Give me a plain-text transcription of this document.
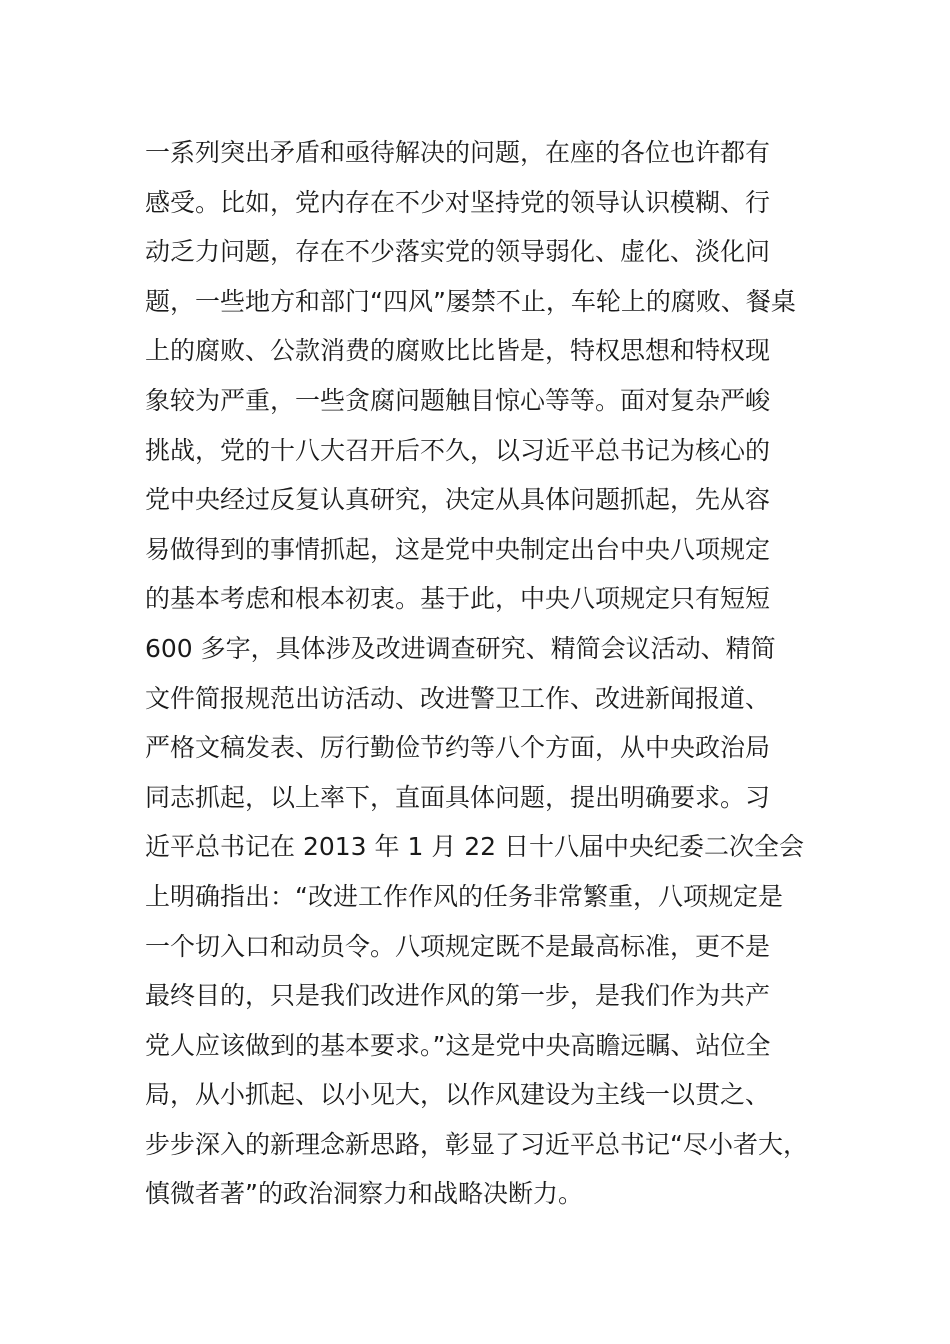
一系列突出矛盾和亟待解决的问题，在座的各位也许都有
感受。比如，党内存在不少对坚持党的领导认识模糊、行
动乏力问题，存在不少落实党的领导弱化、虚化、淡化问
题，一些地方和部门“四风”屡禁不止，车轮上的腐败、餐桌
上的腐败、公款消费的腐败比比皆是，特权思想和特权现
象较为严重，一些贪腐问题触目惊心等等。面对复杂严峻
挑战，党的十八大召开后不久，以习近平总书记为核心的
党中央经过反复认真研究，决定从具体问题抓起，先从容
易做得到的事情抓起，这是党中央制定出台中央八项规定
的基本考虑和根本初衷。基于此，中央八项规定只有短短
600 多字，具体涉及改进调查研究、精简会议活动、精简
文件简报规范出访活动、改进警卫工作、改进新闻报道、
严格文稿发表、厉行勤俭节约等八个方面，从中央政治局
同志抓起，以上率下，直面具体问题，提出明确要求。习
近平总书记在 2013 年 1 月 22 日十八届中央纪委二次全会
上明确指出：“改进工作作风的任务非常繁重，八项规定是
一个切入口和动员令。八项规定既不是最高标准，更不是
最终目的，只是我们改进作风的第一步，是我们作为共产
党人应该做到的基本要求。”这是党中央高瞻远瞩、站位全
局，从小抓起、以小见大，以作风建设为主线一以贯之、
步步深入的新理念新思路，彰显了习近平总书记“尽小者大，
慎微者著”的政治洞察力和战略决断力。
